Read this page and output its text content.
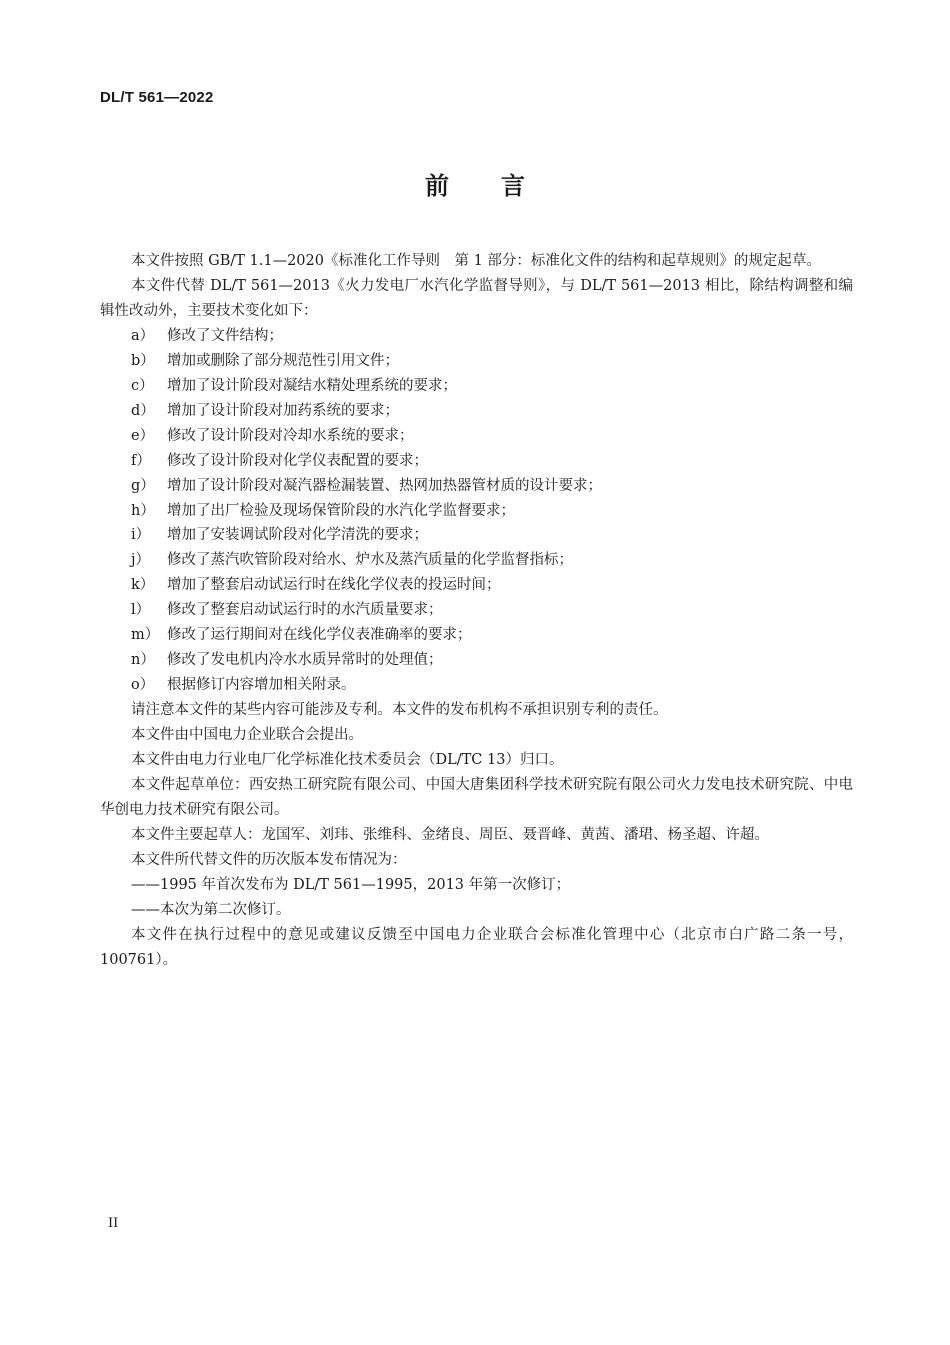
DL/T 561—2022
前言

本文件按照 GB/T 1.1—2020《标准化工作导则　第 1 部分：标准化文件的结构和起草规则》的规定起草。

本文件代替 DL/T 561—2013《火力发电厂水汽化学监督导则》，与 DL/T 561—2013 相比，除结构调整和编辑性改动外，主要技术变化如下：

a） 修改了文件结构；

b） 增加或删除了部分规范性引用文件；

c） 增加了设计阶段对凝结水精处理系统的要求；

d） 增加了设计阶段对加药系统的要求；

e） 修改了设计阶段对冷却水系统的要求；

f） 修改了设计阶段对化学仪表配置的要求；

g） 增加了设计阶段对凝汽器检漏装置、热网加热器管材质的设计要求；

h） 增加了出厂检验及现场保管阶段的水汽化学监督要求；

i） 增加了安装调试阶段对化学清洗的要求；

j） 修改了蒸汽吹管阶段对给水、炉水及蒸汽质量的化学监督指标；

k） 增加了整套启动试运行时在线化学仪表的投运时间；

l） 修改了整套启动试运行时的水汽质量要求；

m） 修改了运行期间对在线化学仪表准确率的要求；

n） 修改了发电机内冷水水质异常时的处理值；

o） 根据修订内容增加相关附录。

请注意本文件的某些内容可能涉及专利。本文件的发布机构不承担识别专利的责任。

本文件由中国电力企业联合会提出。

本文件由电力行业电厂化学标准化技术委员会（DL/TC 13）归口。

本文件起草单位：西安热工研究院有限公司、中国大唐集团科学技术研究院有限公司火力发电技术研究院、中电华创电力技术研究有限公司。

本文件主要起草人：龙国军、刘玮、张维科、金绪良、周臣、聂晋峰、黄茜、潘珺、杨圣超、许超。

本文件所代替文件的历次版本发布情况为：

——1995 年首次发布为 DL/T 561—1995，2013 年第一次修订；

——本次为第二次修订。

本文件在执行过程中的意见或建议反馈至中国电力企业联合会标准化管理中心（北京市白广路二条一号，100761）。

II
